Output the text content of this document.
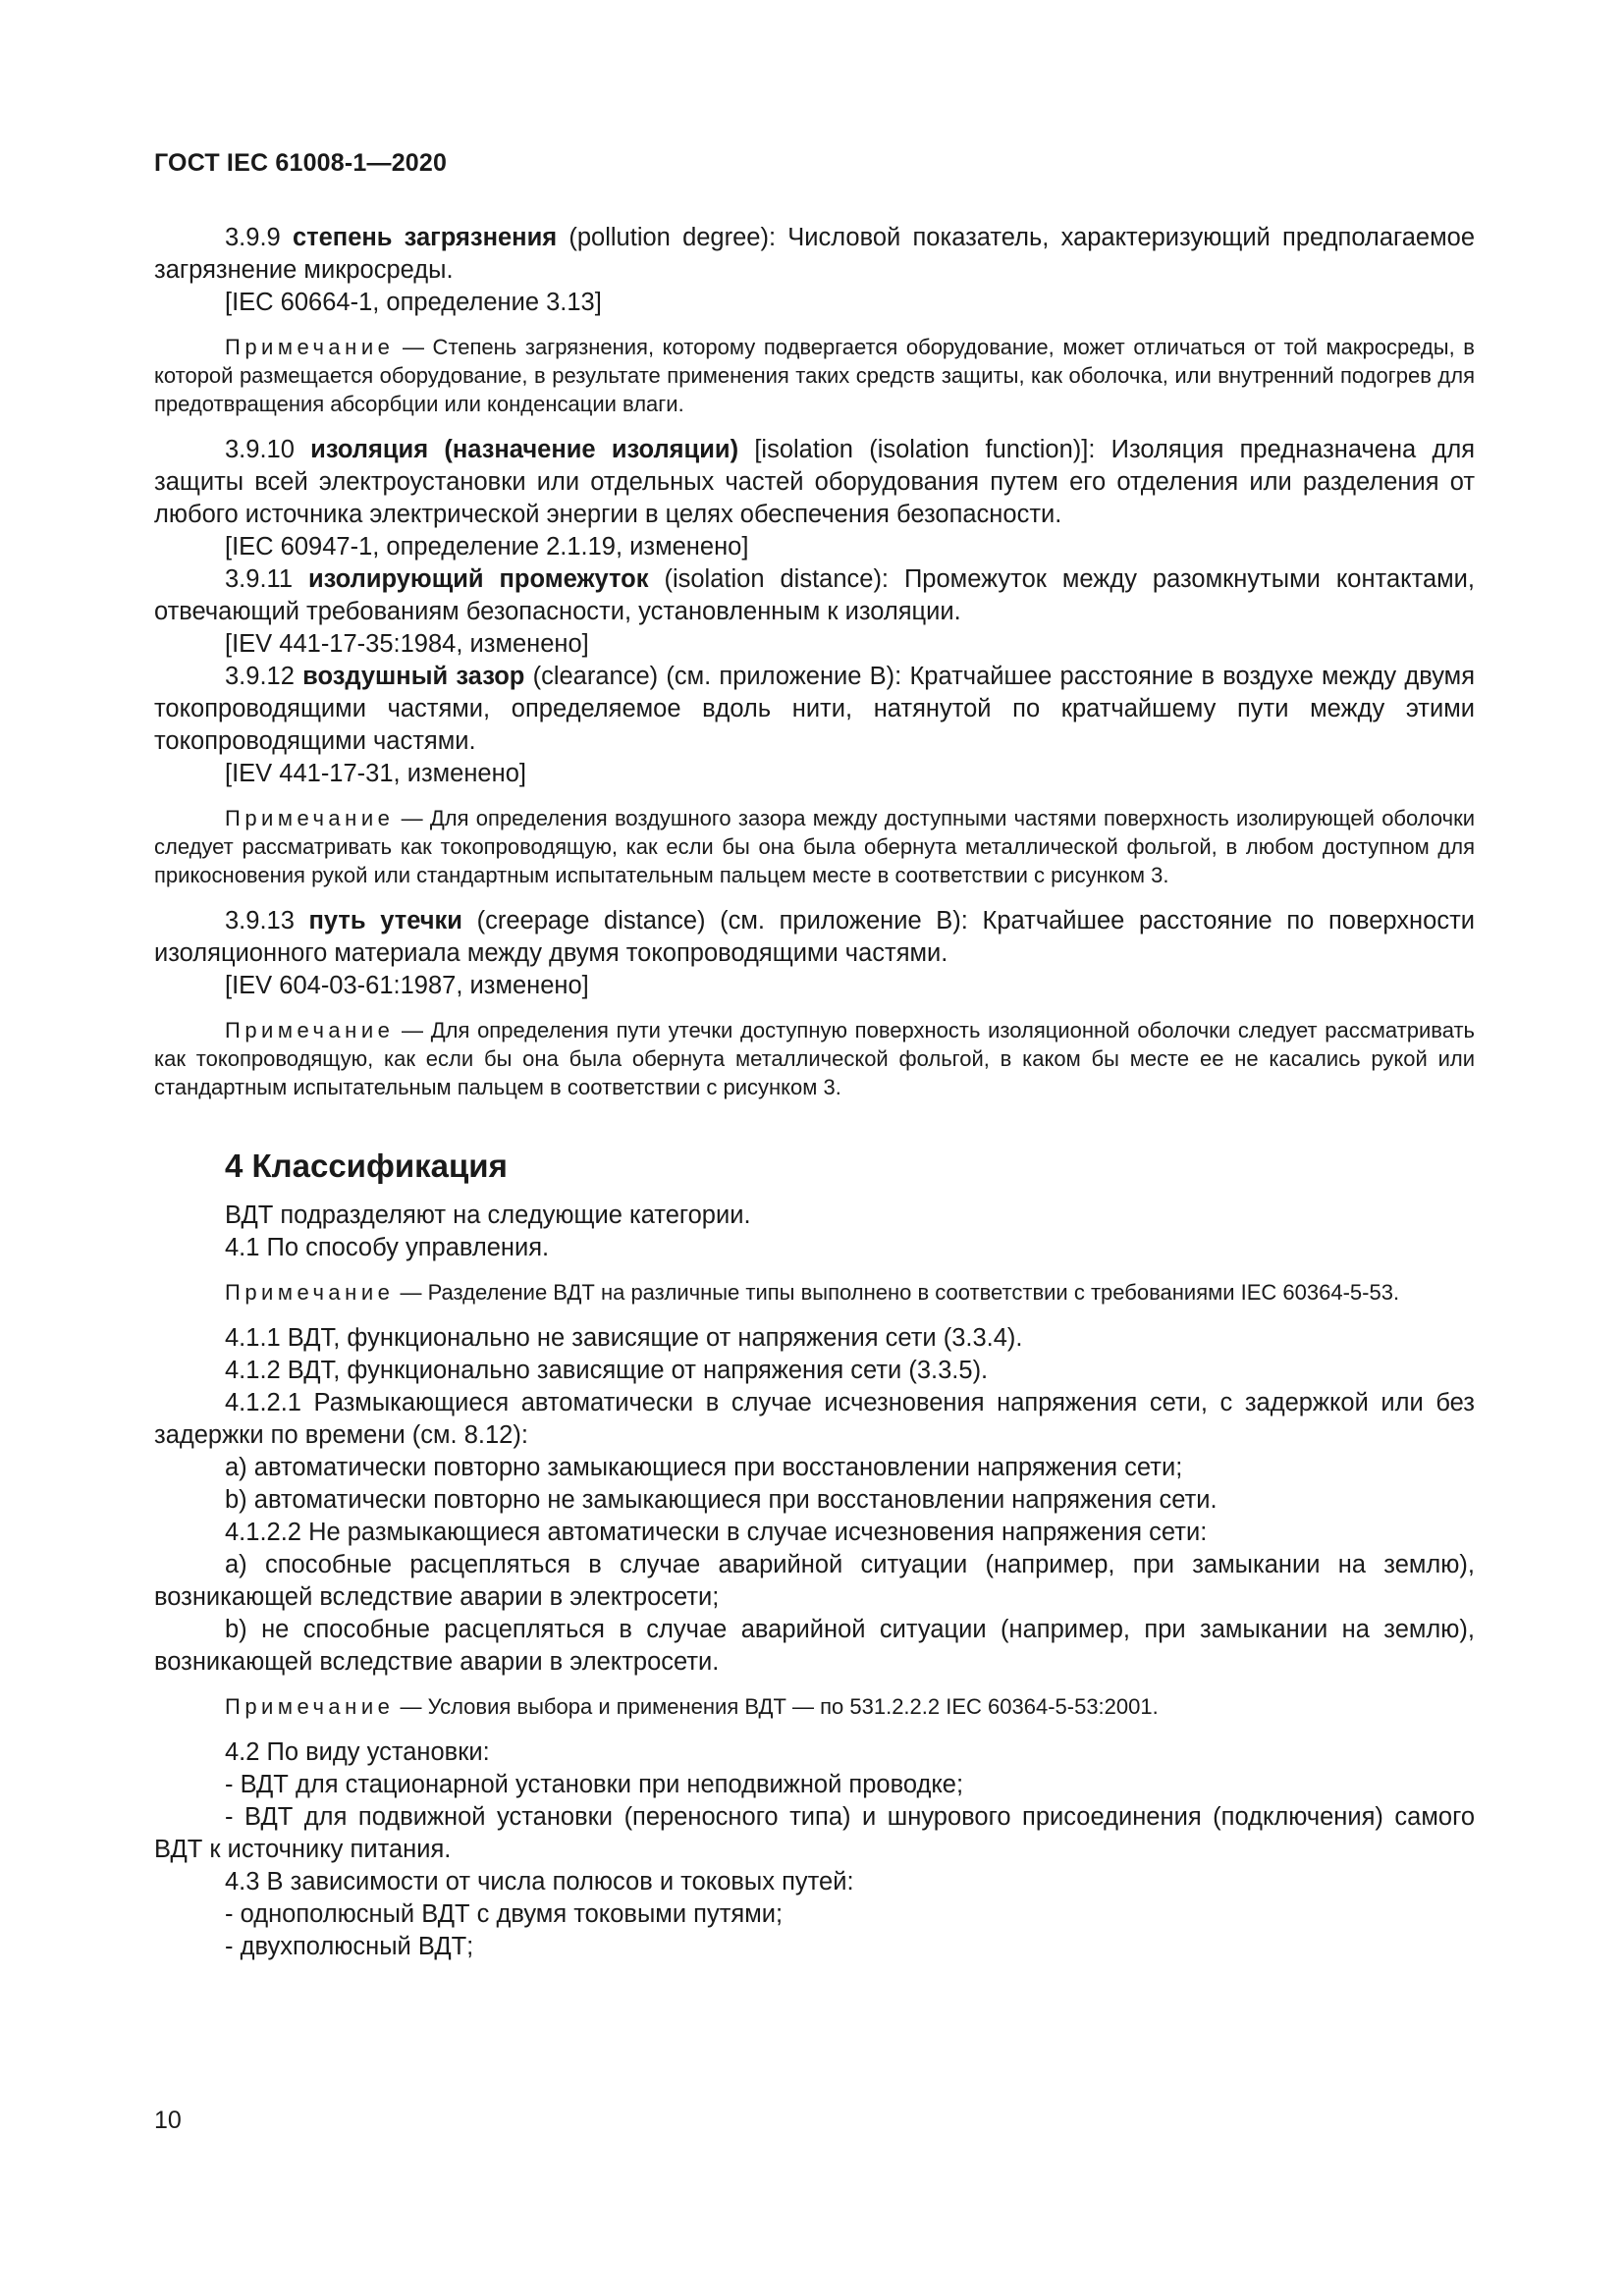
ГОСТ IEC 61008-1—2020

3.9.9 степень загрязнения (pollution degree): Числовой показатель, характеризующий предполагаемое загрязнение микросреды.

[IEC 60664-1, определение 3.13]

Примечание — Степень загрязнения, которому подвергается оборудование, может отличаться от той макросреды, в которой размещается оборудование, в результате применения таких средств защиты, как оболочка, или внутренний подогрев для предотвращения абсорбции или конденсации влаги.

3.9.10 изоляция (назначение изоляции) [isolation (isolation function)]: Изоляция предназначена для защиты всей электроустановки или отдельных частей оборудования путем его отделения или разделения от любого источника электрической энергии в целях обеспечения безопасности.

[IEC 60947-1, определение 2.1.19, изменено]

3.9.11 изолирующий промежуток (isolation distance): Промежуток между разомкнутыми контактами, отвечающий требованиям безопасности, установленным к изоляции.

[IEV 441-17-35:1984, изменено]

3.9.12 воздушный зазор (clearance) (см. приложение В): Кратчайшее расстояние в воздухе между двумя токопроводящими частями, определяемое вдоль нити, натянутой по кратчайшему пути между этими токопроводящими частями.

[IEV 441-17-31, изменено]

Примечание — Для определения воздушного зазора между доступными частями поверхность изолирующей оболочки следует рассматривать как токопроводящую, как если бы она была обернута металлической фольгой, в любом доступном для прикосновения рукой или стандартным испытательным пальцем месте в соответствии с рисунком 3.

3.9.13 путь утечки (creepage distance) (см. приложение В): Кратчайшее расстояние по поверхности изоляционного материала между двумя токопроводящими частями.

[IEV 604-03-61:1987, изменено]

Примечание — Для определения пути утечки доступную поверхность изоляционной оболочки следует рассматривать как токопроводящую, как если бы она была обернута металлической фольгой, в каком бы месте ее не касались рукой или стандартным испытательным пальцем в соответствии с рисунком 3.

4 Классификация

ВДТ подразделяют на следующие категории.

4.1 По способу управления.

Примечание — Разделение ВДТ на различные типы выполнено в соответствии с требованиями IEC 60364-5-53.

4.1.1 ВДТ, функционально не зависящие от напряжения сети (3.3.4).

4.1.2 ВДТ, функционально зависящие от напряжения сети (3.3.5).

4.1.2.1 Размыкающиеся автоматически в случае исчезновения напряжения сети, с задержкой или без задержки по времени (см. 8.12):

a) автоматически повторно замыкающиеся при восстановлении напряжения сети;

b) автоматически повторно не замыкающиеся при восстановлении напряжения сети.

4.1.2.2 Не размыкающиеся автоматически в случае исчезновения напряжения сети:

a) способные расцепляться в случае аварийной ситуации (например, при замыкании на землю), возникающей вследствие аварии в электросети;

b) не способные расцепляться в случае аварийной ситуации (например, при замыкании на землю), возникающей вследствие аварии в электросети.

Примечание — Условия выбора и применения ВДТ — по 531.2.2.2 IEC 60364-5-53:2001.

4.2 По виду установки:

- ВДТ для стационарной установки при неподвижной проводке;

- ВДТ для подвижной установки (переносного типа) и шнурового присоединения (подключения) самого ВДТ к источнику питания.

4.3 В зависимости от числа полюсов и токовых путей:

- однополюсный ВДТ с двумя токовыми путями;

- двухполюсный ВДТ;

10
